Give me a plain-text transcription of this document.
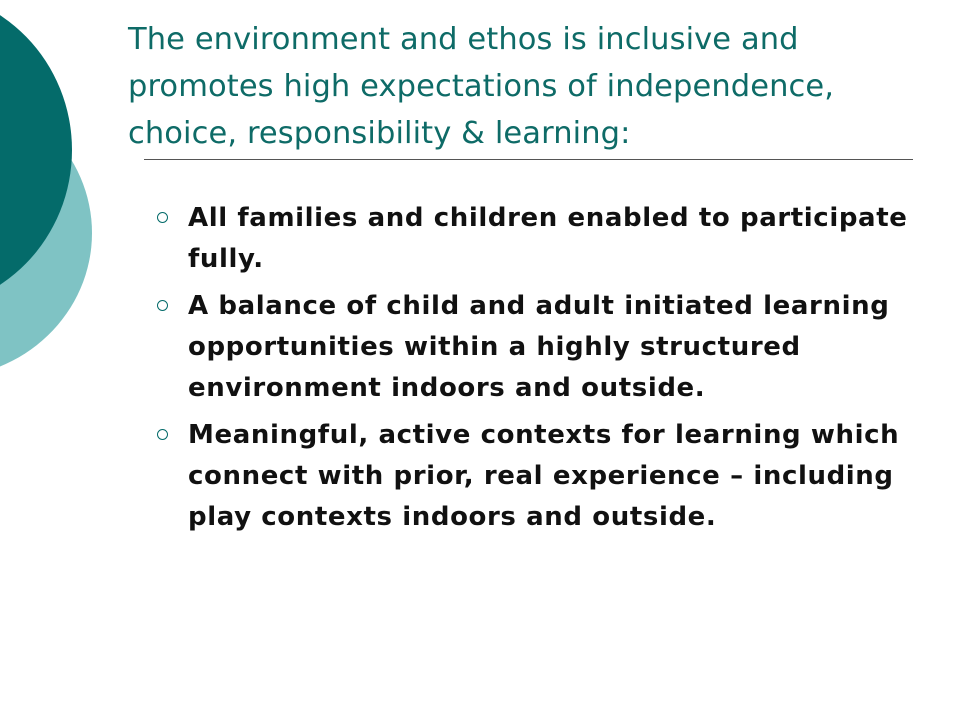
The environment and ethos is inclusive and promotes high expectations of independence, choice, responsibility & learning:
All families and children enabled to participate fully.
A balance of child and adult initiated learning opportunities within a highly structured environment indoors and outside.
Meaningful, active contexts for learning which connect with prior, real experience – including play contexts indoors and outside.
